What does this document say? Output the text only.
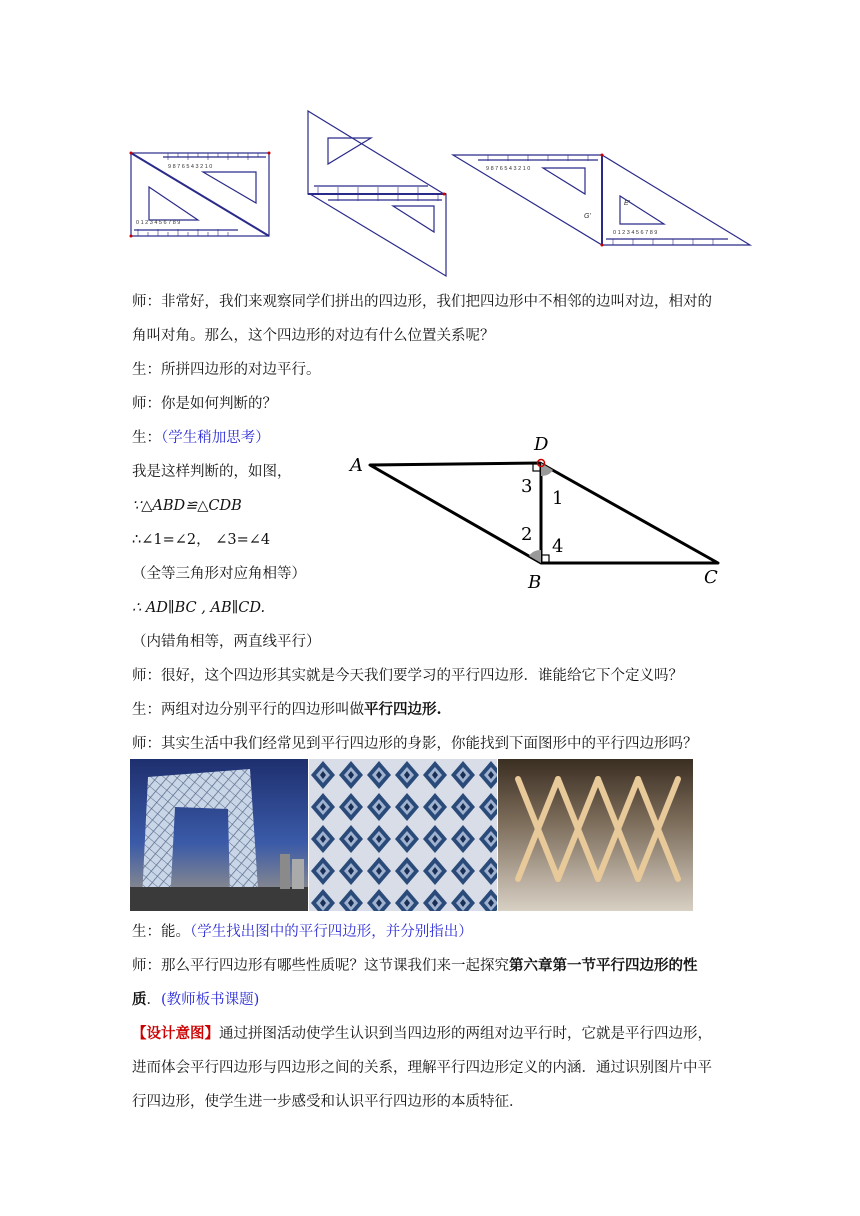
9 8 7 6 5 4 3 2 1 0
0 1 2 3 4 5 6 7 8 9
9 8 7 6 5 4 3 2 1 0
0 1 2 3 4 5 6 7 8 9
G'
E'
师：非常好，我们来观察同学们拼出的四边形，我们把四边形中不相邻的边叫对边，相对的
角叫对角。那么，这个四边形的对边有什么位置关系呢？
生：所拼四边形的对边平行。
师：你是如何判断的？
生：（学生稍加思考）
我是这样判断的，如图，
∵△ABD≌△CDB
∴∠1=∠2， ∠3=∠4
（全等三角形对应角相等）
∴ AD∥BC , AB∥CD.
（内错角相等，两直线平行）
A
D
B	C
3
1
2
4
师：很好，这个四边形其实就是今天我们要学习的平行四边形．谁能给它下个定义吗？
生：两组对边分别平行的四边形叫做平行四边形.
师：其实生活中我们经常见到平行四边形的身影，你能找到下面图形中的平行四边形吗？
生：能。（学生找出图中的平行四边形，并分别指出）
师：那么平行四边形有哪些性质呢？这节课我们来一起探究第六章第一节平行四边形的性
质．(教师板书课题)
【设计意图】通过拼图活动使学生认识到当四边形的两组对边平行时，它就是平行四边形，
进而体会平行四边形与四边形之间的关系，理解平行四边形定义的内涵．通过识别图片中平
行四边形，使学生进一步感受和认识平行四边形的本质特征．
